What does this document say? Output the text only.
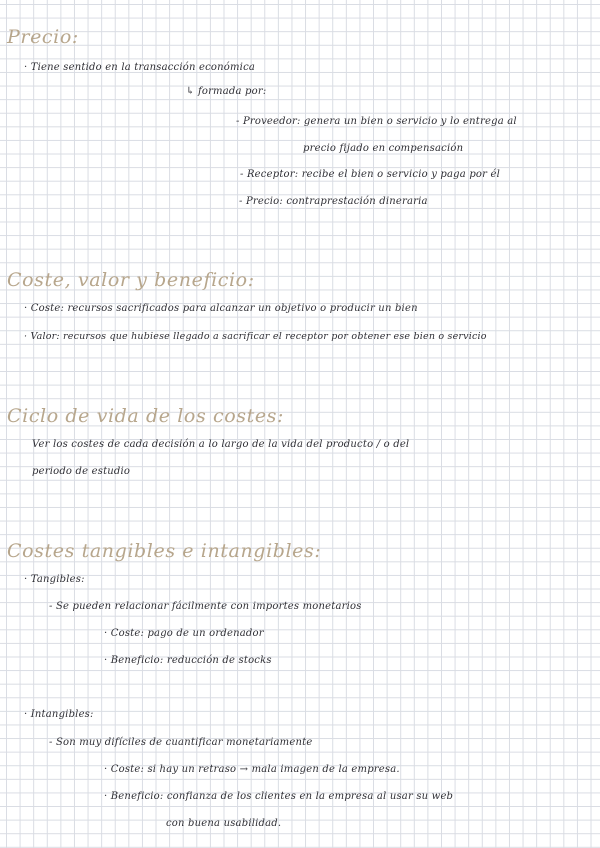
Precio:
· Tiene sentido en la transacción económica
↳ formada por:
- Proveedor: genera un bien o servicio y lo entrega al
precio fijado en compensación
- Receptor: recibe el bien o servicio y paga por él
- Precio: contraprestación dineraria
Coste, valor y beneficio:
· Coste: recursos sacrificados para alcanzar un objetivo o producir un bien
· Valor: recursos que hubiese llegado a sacrificar el receptor por obtener ese bien o servicio
Ciclo de vida de los costes:
Ver los costes de cada decisión a lo largo de la vida del producto / o del
periodo de estudio
Costes tangibles e intangibles:
· Tangibles:
- Se pueden relacionar fácilmente con importes monetarios
· Coste: pago de un ordenador
· Beneficio: reducción de stocks
· Intangibles:
- Son muy difíciles de cuantificar monetariamente
· Coste: si hay un retraso → mala imagen de la empresa.
· Beneficio: confianza de los clientes en la empresa al usar su web
con buena usabilidad.
